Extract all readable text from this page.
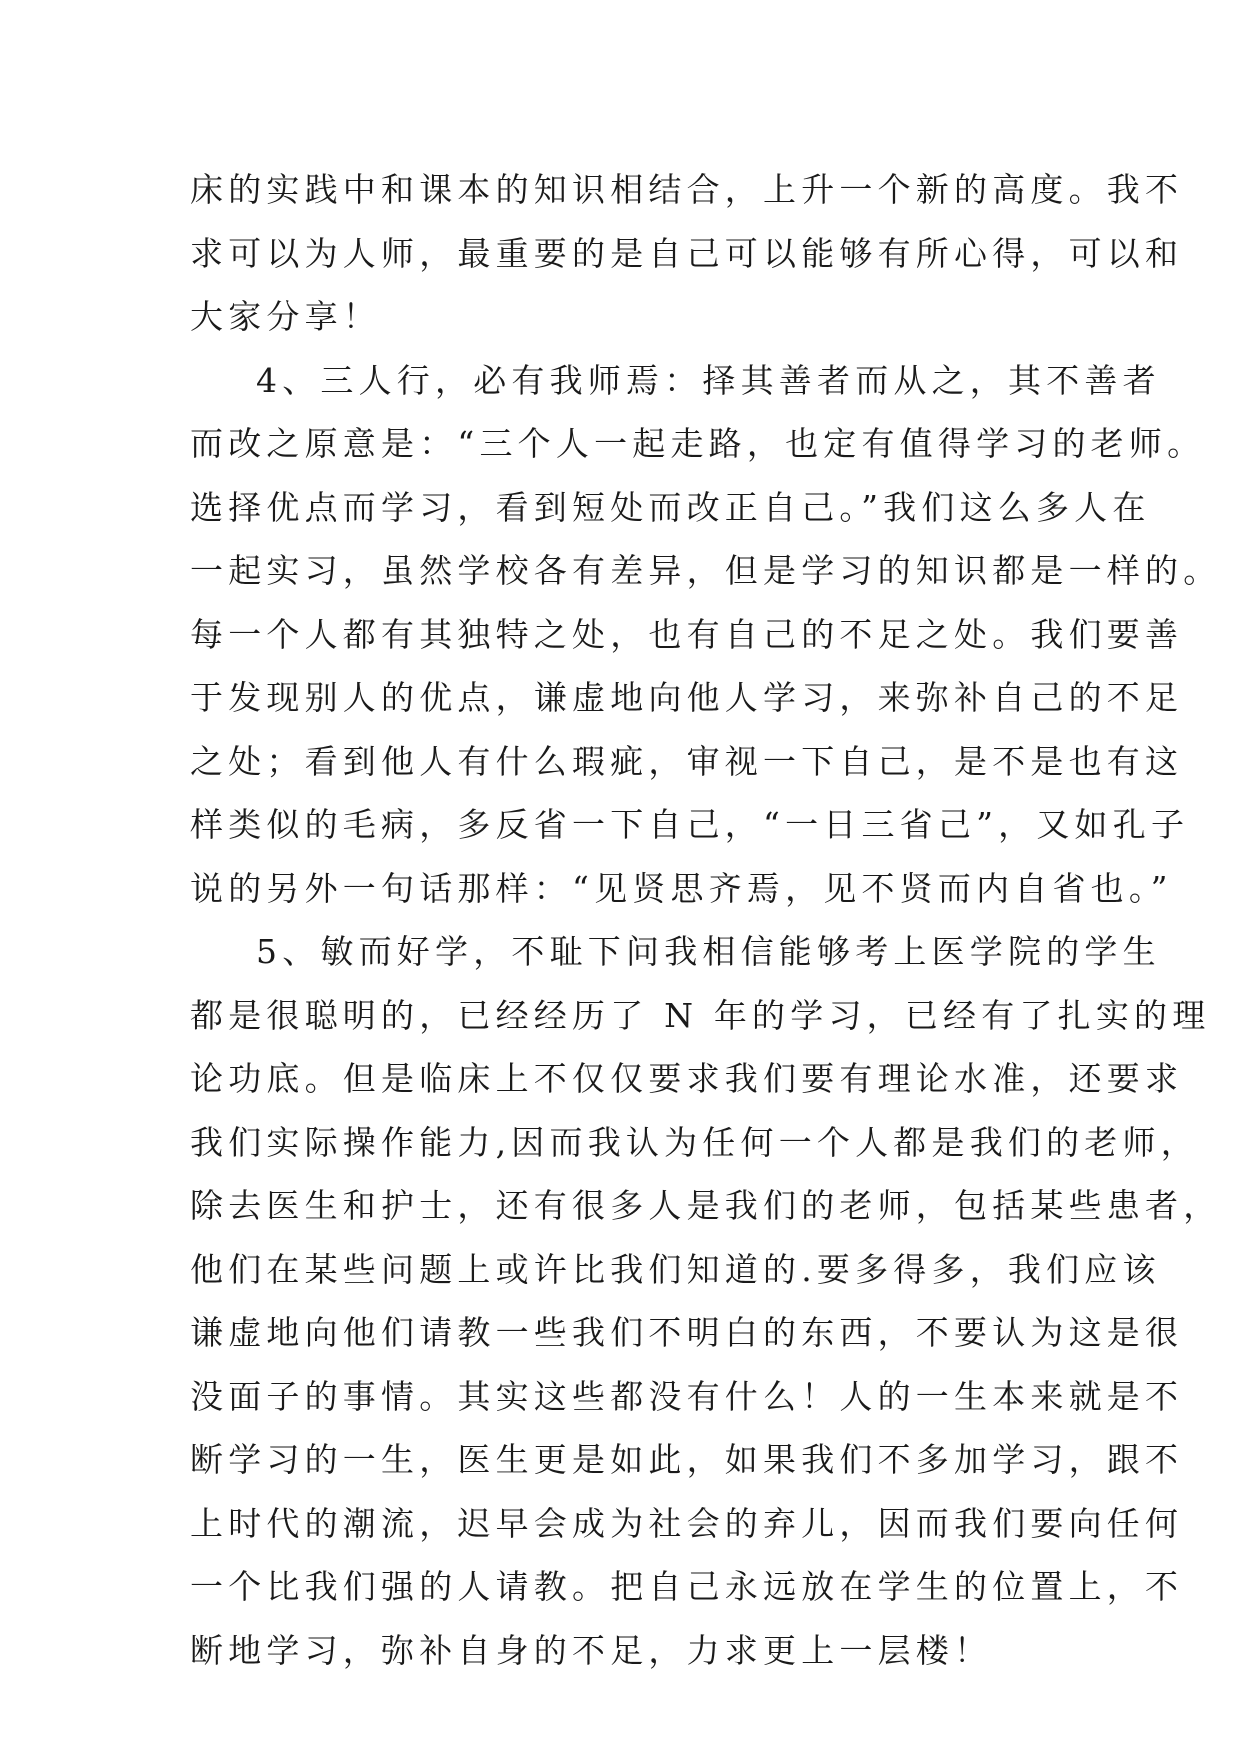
床的实践中和课本的知识相结合，上升一个新的高度。我不
求可以为人师，最重要的是自己可以能够有所心得，可以和
大家分享！
4、三人行，必有我师焉：择其善者而从之，其不善者
而改之原意是：“三个人一起走路，也定有值得学习的老师。
选择优点而学习，看到短处而改正自己。”我们这么多人在
一起实习，虽然学校各有差异，但是学习的知识都是一样的。
每一个人都有其独特之处，也有自己的不足之处。我们要善
于发现别人的优点，谦虚地向他人学习，来弥补自己的不足
之处；看到他人有什么瑕疵，审视一下自己，是不是也有这
样类似的毛病，多反省一下自己，“一日三省己”，又如孔子
说的另外一句话那样：“见贤思齐焉，见不贤而内自省也。”
5、敏而好学，不耻下问我相信能够考上医学院的学生
都是很聪明的，已经经历了 N 年的学习，已经有了扎实的理
论功底。但是临床上不仅仅要求我们要有理论水准，还要求
我们实际操作能力,因而我认为任何一个人都是我们的老师，
除去医生和护士，还有很多人是我们的老师，包括某些患者，
他们在某些问题上或许比我们知道的.要多得多，我们应该
谦虚地向他们请教一些我们不明白的东西，不要认为这是很
没面子的事情。其实这些都没有什么！人的一生本来就是不
断学习的一生，医生更是如此，如果我们不多加学习，跟不
上时代的潮流，迟早会成为社会的弃儿，因而我们要向任何
一个比我们强的人请教。把自己永远放在学生的位置上，不
断地学习，弥补自身的不足，力求更上一层楼！
